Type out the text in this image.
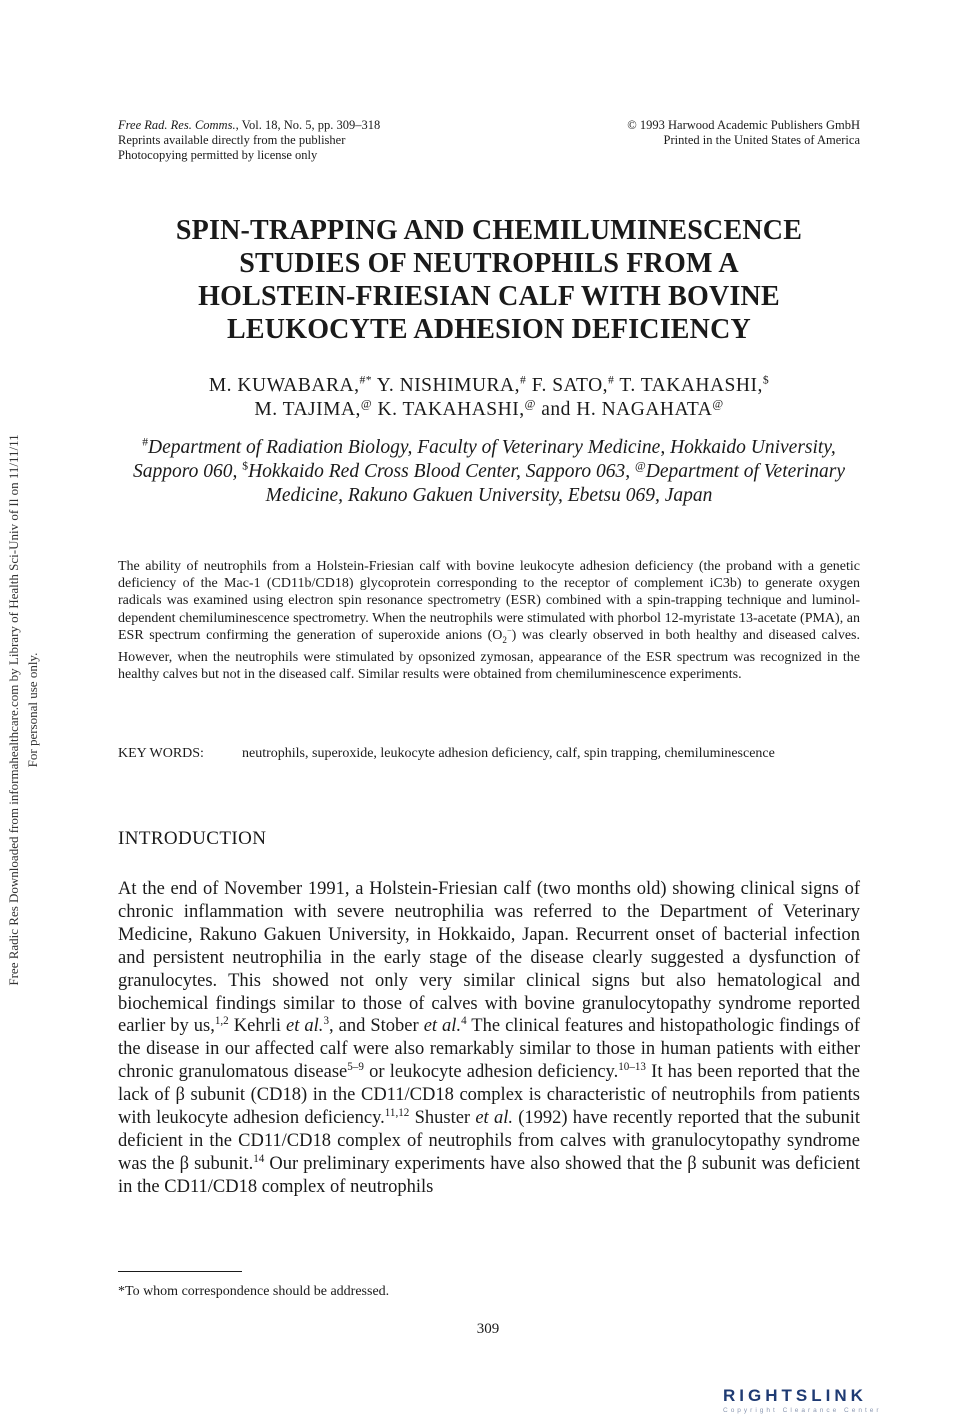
Free Radic Res Downloaded from informahealthcare.com by Library of Health Sci-Univ of Il on 11/11/11 For personal use only.
Free Rad. Res. Comms., Vol. 18, No. 5, pp. 309–318
Reprints available directly from the publisher
Photocopying permitted by license only
© 1993 Harwood Academic Publishers GmbH
Printed in the United States of America
SPIN-TRAPPING AND CHEMILUMINESCENCE
STUDIES OF NEUTROPHILS FROM A
HOLSTEIN-FRIESIAN CALF WITH BOVINE
LEUKOCYTE ADHESION DEFICIENCY
M. KUWABARA,#* Y. NISHIMURA,# F. SATO,# T. TAKAHASHI,$
M. TAJIMA,@ K. TAKAHASHI,@ and H. NAGAHATA@
#Department of Radiation Biology, Faculty of Veterinary Medicine, Hokkaido University, Sapporo 060, $Hokkaido Red Cross Blood Center, Sapporo 063, @Department of Veterinary Medicine, Rakuno Gakuen University, Ebetsu 069, Japan
The ability of neutrophils from a Holstein-Friesian calf with bovine leukocyte adhesion deficiency (the proband with a genetic deficiency of the Mac-1 (CD11b/CD18) glycoprotein corresponding to the receptor of complement iC3b) to generate oxygen radicals was examined using electron spin resonance spectrometry (ESR) combined with a spin-trapping technique and luminol-dependent chemiluminescence spectrometry. When the neutrophils were stimulated with phorbol 12-myristate 13-acetate (PMA), an ESR spectrum confirming the generation of superoxide anions $(O_2^-)$ was clearly observed in both healthy and diseased calves. However, when the neutrophils were stimulated by opsonized zymosan, appearance of the ESR spectrum was recognized in the healthy calves but not in the diseased calf. Similar results were obtained from chemiluminescence experiments.
KEY WORDS:	neutrophils, superoxide, leukocyte adhesion deficiency, calf, spin trapping, chemiluminescence
INTRODUCTION
At the end of November 1991, a Holstein-Friesian calf (two months old) showing clinical signs of chronic inflammation with severe neutrophilia was referred to the Department of Veterinary Medicine, Rakuno Gakuen University, in Hokkaido, Japan. Recurrent onset of bacterial infection and persistent neutrophilia in the early stage of the disease clearly suggested a dysfunction of granulocytes. This showed not only very similar clinical signs but also hematological and biochemical findings similar to those of calves with bovine granulocytopathy syndrome reported earlier by us,$^{1,2}$ Kehrli et al.$^3$, and Stober et al.$^4$ The clinical features and histopathologic findings of the disease in our affected calf were also remarkably similar to those in human patients with either chronic granulomatous disease$^{5-9}$ or leukocyte adhesion deficiency.$^{10-13}$ It has been reported that the lack of β subunit (CD18) in the CD11/CD18 complex is characteristic of neutrophils from patients with leukocyte adhesion deficiency.$^{11,12}$ Shuster et al. (1992) have recently reported that the subunit deficient in the CD11/CD18 complex of neutrophils from calves with granulocytopathy syndrome was the β subunit.$^{14}$ Our preliminary experiments have also showed that the β subunit was deficient in the CD11/CD18 complex of neutrophils
*To whom correspondence should be addressed.
309
RIGHTSLINK
Copyright Clearance Center
